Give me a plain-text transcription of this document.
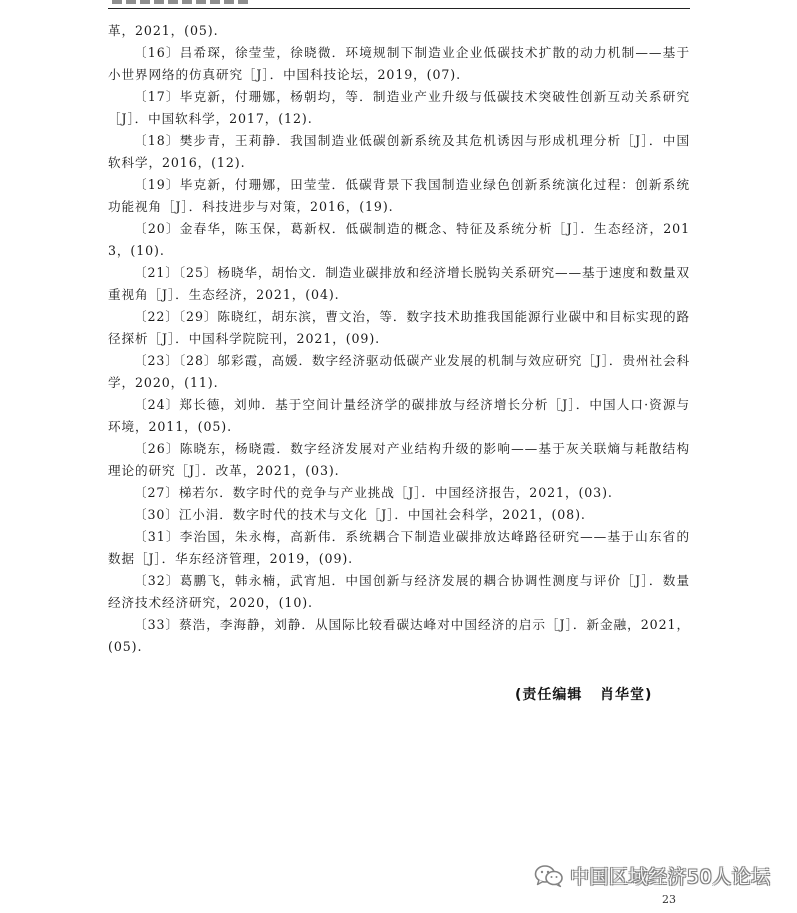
革，2021，(05).

〔16〕吕希琛，徐莹莹，徐晓微．环境规制下制造业企业低碳技术扩散的动力机制——基于小世界网络的仿真研究［J］．中国科技论坛，2019，(07).

〔17〕毕克新，付珊娜，杨朝均，等．制造业产业升级与低碳技术突破性创新互动关系研究［J］．中国软科学，2017，(12).

〔18〕樊步青，王莉静．我国制造业低碳创新系统及其危机诱因与形成机理分析［J］．中国软科学，2016，(12).

〔19〕毕克新，付珊娜，田莹莹．低碳背景下我国制造业绿色创新系统演化过程：创新系统功能视角［J］．科技进步与对策，2016，(19).

〔20〕金春华，陈玉保，葛新权．低碳制造的概念、特征及系统分析［J］．生态经济，2013，(10).

〔21〕〔25〕杨晓华，胡怡文．制造业碳排放和经济增长脱钩关系研究——基于速度和数量双重视角［J］．生态经济，2021，(04).

〔22〕〔29〕陈晓红，胡东滨，曹文治，等．数字技术助推我国能源行业碳中和目标实现的路径探析［J］．中国科学院院刊，2021，(09).

〔23〕〔28〕邬彩霞，高媛．数字经济驱动低碳产业发展的机制与效应研究［J］．贵州社会科学，2020，(11).

〔24〕郑长德，刘帅．基于空间计量经济学的碳排放与经济增长分析［J］．中国人口·资源与环境，2011，(05).

〔26〕陈晓东，杨晓霞．数字经济发展对产业结构升级的影响——基于灰关联熵与耗散结构理论的研究［J］．改革，2021，(03).

〔27〕梯若尔．数字时代的竞争与产业挑战［J］．中国经济报告，2021，(03).

〔30〕江小涓．数字时代的技术与文化［J］．中国社会科学，2021，(08).

〔31〕李治国，朱永梅，高新伟．系统耦合下制造业碳排放达峰路径研究——基于山东省的数据［J］．华东经济管理，2019，(09).

〔32〕葛鹏飞，韩永楠，武宵旭．中国创新与经济发展的耦合协调性测度与评价［J］．数量经济技术经济研究，2020，(10).

〔33〕蔡浩，李海静，刘静．从国际比较看碳达峰对中国经济的启示［J］．新金融，2021，(05).

(责任编辑   肖华堂)
中国区域经济50人论坛
23
